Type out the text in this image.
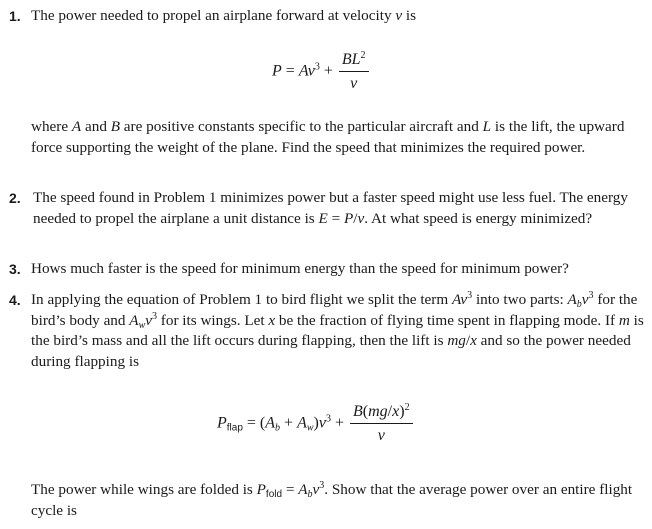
1. The power needed to propel an airplane forward at velocity v is

$P = Av^3 + \frac{BL^2}{v}$

where A and B are positive constants specific to the particular aircraft and L is the lift, the upward force supporting the weight of the plane. Find the speed that minimizes the required power.

2. The speed found in Problem 1 minimizes power but a faster speed might use less fuel. The energy needed to propel the airplane a unit distance is E = P/v. At what speed is energy minimized?

3. Hows much faster is the speed for minimum energy than the speed for minimum power?

4. In applying the equation of Problem 1 to bird flight we split the term Av$^3$ into two parts: $A_bv^3$ for the bird’s body and $A_wv^3$ for its wings. Let x be the fraction of flying time spent in flapping mode. If m is the bird’s mass and all the lift occurs during flapping, then the lift is mg/x and so the power needed during flapping is

Pflap = $(A_b + A_w)v^3 + \frac{B(mg/x)^2}{v}$

The power while wings are folded is Pfold = $A_bv^3$. Show that the average power over an entire flight cycle is
